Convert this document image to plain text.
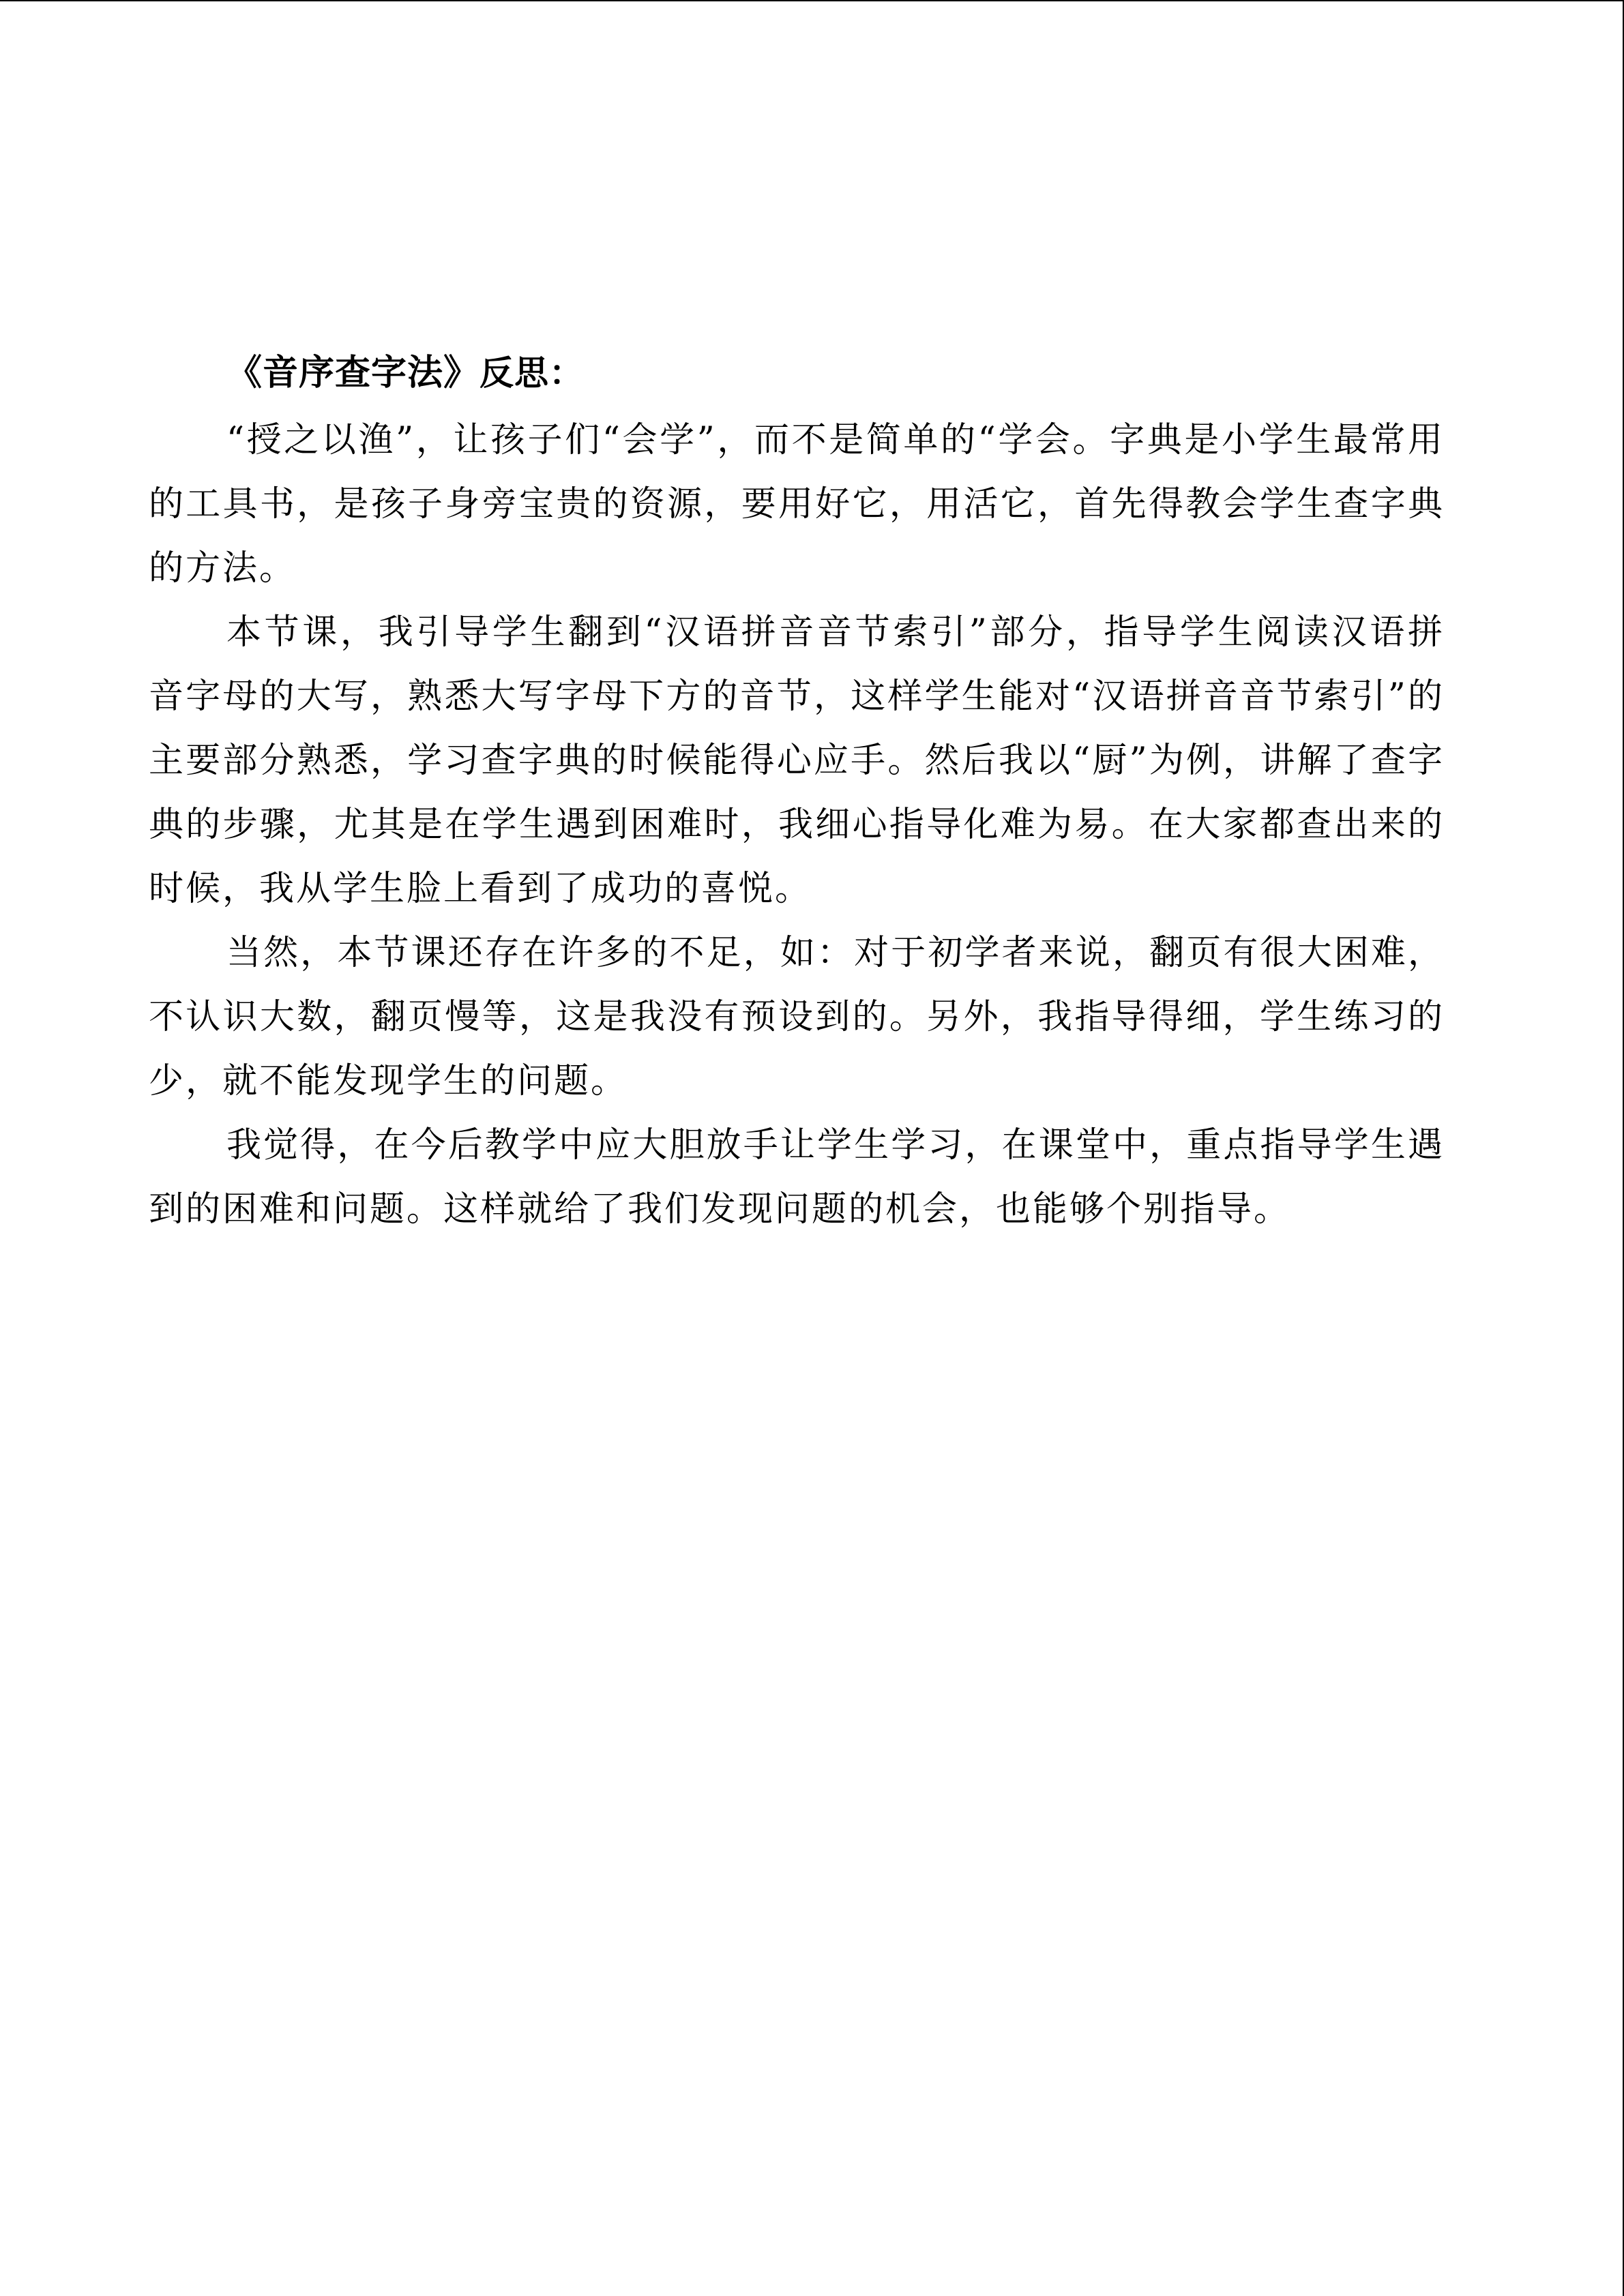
《音序查字法》反思：

“授之以渔”，让孩子们“会学”，而不是简单的“学会。字典是小学生最常用的工具书，是孩子身旁宝贵的资源，要用好它，用活它，首先得教会学生查字典的方法。

本节课，我引导学生翻到“汉语拼音音节索引”部分，指导学生阅读汉语拼音字母的大写，熟悉大写字母下方的音节，这样学生能对“汉语拼音音节索引”的主要部分熟悉，学习查字典的时候能得心应手。然后我以“厨”为例，讲解了查字典的步骤，尤其是在学生遇到困难时，我细心指导化难为易。在大家都查出来的时候，我从学生脸上看到了成功的喜悦。

当然，本节课还存在许多的不足，如：对于初学者来说，翻页有很大困难，不认识大数，翻页慢等，这是我没有预设到的。另外，我指导得细，学生练习的少，就不能发现学生的问题。

我觉得，在今后教学中应大胆放手让学生学习，在课堂中，重点指导学生遇到的困难和问题。这样就给了我们发现问题的机会，也能够个别指导。
